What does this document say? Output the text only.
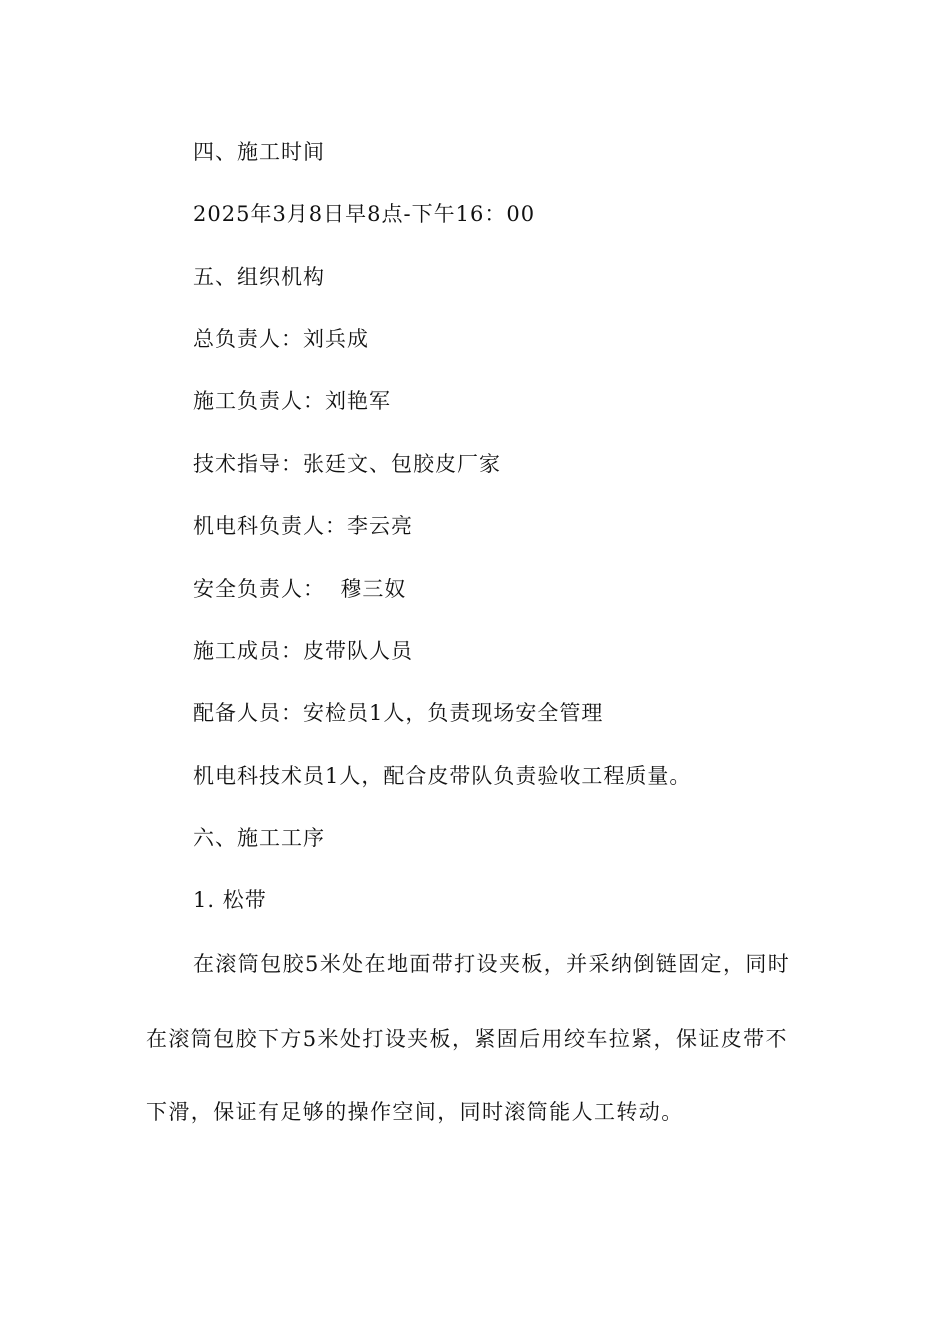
四、施工时间
2025年3月8日早8点-下午16：00
五、组织机构
总负责人：刘兵成
施工负责人：刘艳军
技术指导：张廷文、包胶皮厂家
机电科负责人：李云亮
安全负责人：  穆三奴
施工成员：皮带队人员
配备人员：安检员1人，负责现场安全管理
机电科技术员1人，配合皮带队负责验收工程质量。
六、施工工序
1. 松带
在滚筒包胶5米处在地面带打设夹板，并采纳倒链固定，同时
在滚筒包胶下方5米处打设夹板，紧固后用绞车拉紧，保证皮带不
下滑，保证有足够的操作空间，同时滚筒能人工转动。
